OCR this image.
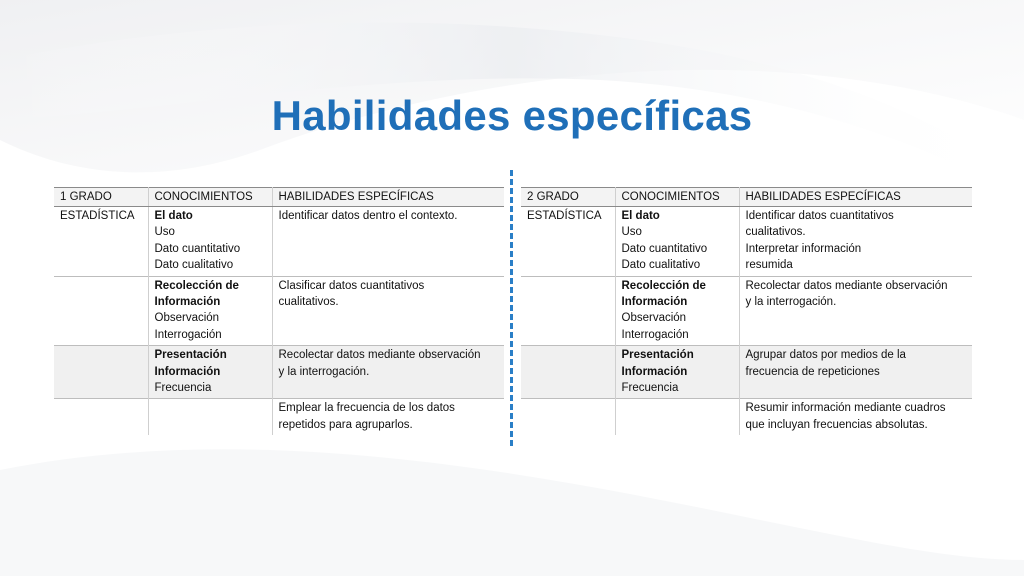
Habilidades específicas
1 GRADO	CONOCIMIENTOS	HABILIDADES ESPECÍFICAS
ESTADÍSTICA	El dato
Uso
Dato cuantitativo
Dato cualitativo	Identificar datos dentro el contexto.

	Recolección de
Información
Observación
Interrogación	Clasificar datos cuantitativos
cualitativos.

	Presentación
Información
Frecuencia	Recolectar datos mediante observación
y la interrogación.

		Emplear la frecuencia de los datos
repetidos para agruparlos.
2 GRADO	CONOCIMIENTOS	HABILIDADES ESPECÍFICAS
ESTADÍSTICA	El dato
Uso
Dato cuantitativo
Dato cualitativo	Identificar datos cuantitativos
cualitativos.
Interpretar información
resumida

	Recolección de
Información
Observación
Interrogación	Recolectar datos mediante observación
y la interrogación.

	Presentación
Información
Frecuencia	Agrupar datos por medios de la
frecuencia de repeticiones

		Resumir información mediante cuadros
que incluyan frecuencias absolutas.
